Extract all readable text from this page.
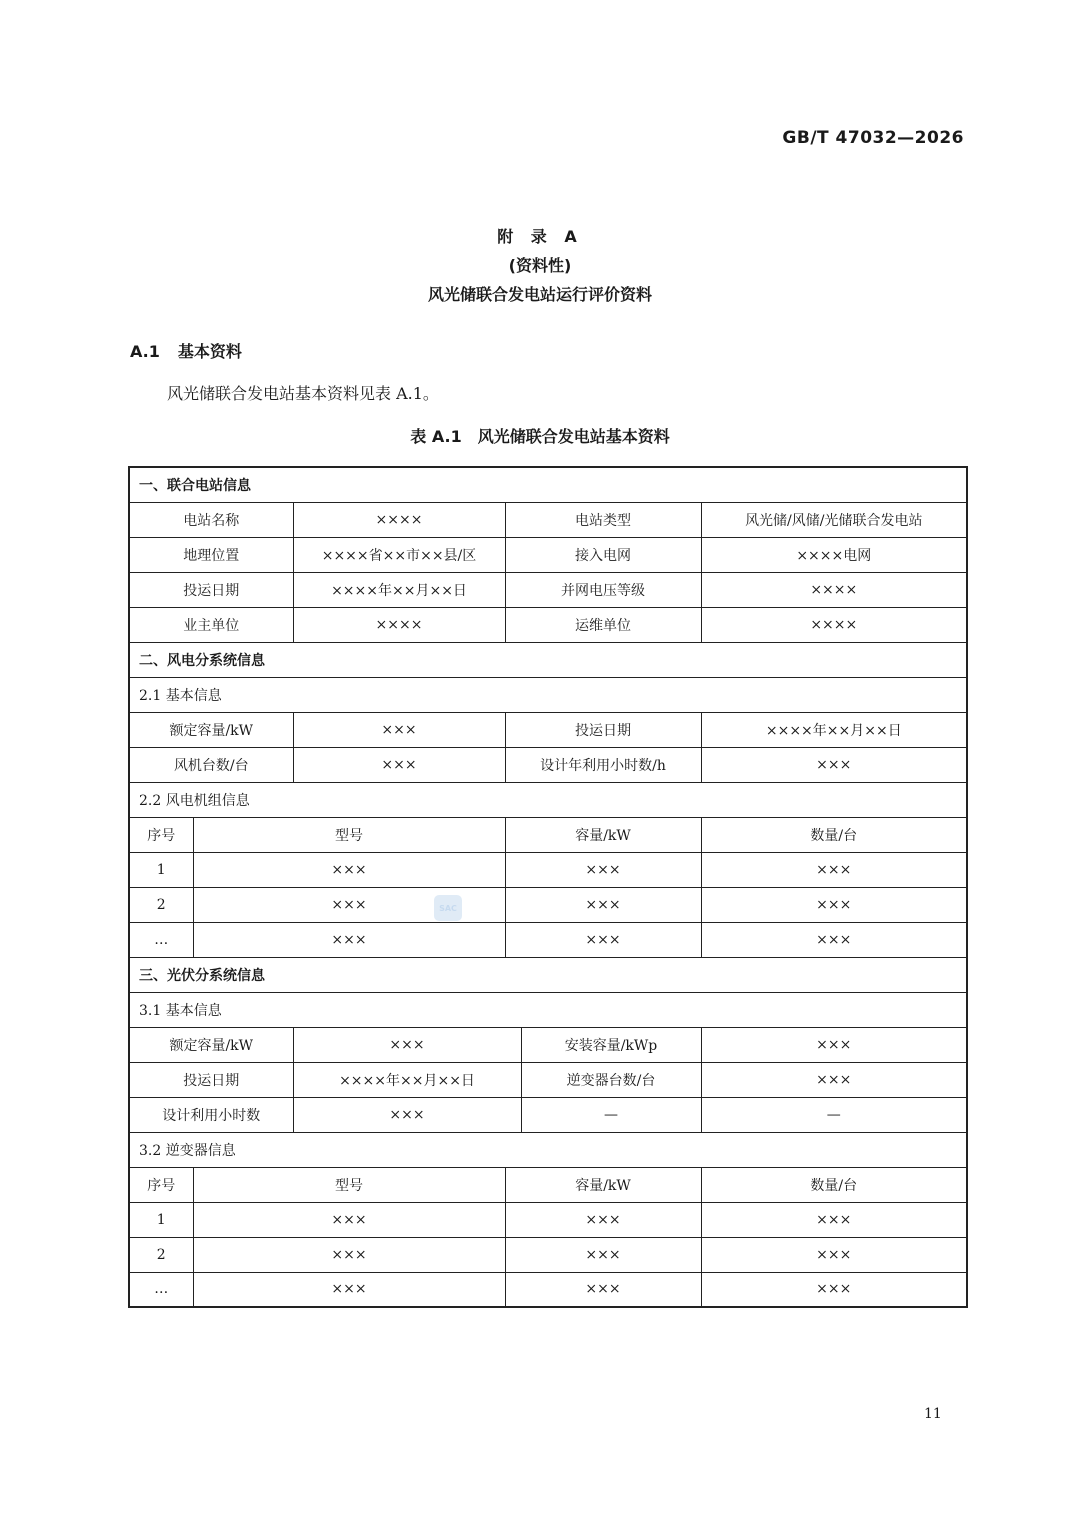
GB/T 47032—2026
附 录 A
(资料性)
风光储联合发电站运行评价资料
A.1 基本资料
风光储联合发电站基本资料见表 A.1。
表 A.1 风光储联合发电站基本资料
一、联合电站信息					
电站名称		××××	电站类型		风光储/风储/光储联合发电站
地理位置		××××省××市××县/区	接入电网		××××电网
投运日期		××××年××月××日	并网电压等级		××××
业主单位		××××	运维单位		××××
二、风电分系统信息					
2.1 基本信息					
额定容量/kW		×××	投运日期		××××年××月××日
风机台数/台		×××	设计年利用小时数/h		×××
2.2 风电机组信息					
序号	型号		容量/kW		数量/台
1	×××		×××		×××
2	×××		×××		×××
…	×××		×××		×××
三、光伏分系统信息					
3.1 基本信息					
额定容量/kW		×××		安装容量/kWp	×××
投运日期		××××年××月××日		逆变器台数/台	×××
设计利用小时数		×××		—	—
3.2 逆变器信息					
序号	型号		容量/kW		数量/台
1	×××		×××		×××
2	×××		×××		×××
…	×××		×××		×××
SAC
11
